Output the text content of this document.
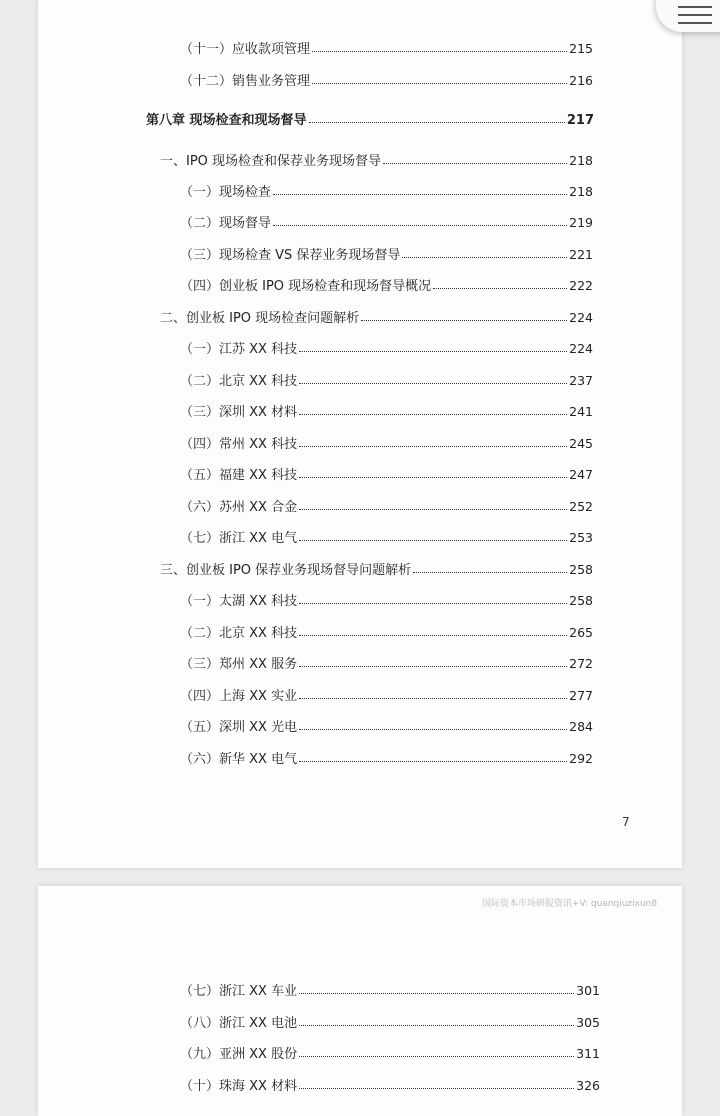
（十一）应收款项管理	215
（十二）销售业务管理	216
第八章 现场检查和现场督导	217
一、IPO 现场检查和保荐业务现场督导	218
（一）现场检查	218
（二）现场督导	219
（三）现场检查 VS 保荐业务现场督导	221
（四）创业板 IPO 现场检查和现场督导概况	222
二、创业板 IPO 现场检查问题解析	224
（一）江苏 XX 科技	224
（二）北京 XX 科技	237
（三）深圳 XX 材料	241
（四）常州 XX 科技	245
（五）福建 XX 科技	247
（六）苏州 XX 合金	252
（七）浙江 XX 电气	253
三、创业板 IPO 保荐业务现场督导问题解析	258
（一）太湖 XX 科技	258
（二）北京 XX 科技	265
（三）郑州 XX 服务	272
（四）上海 XX 实业	277
（五）深圳 XX 光电	284
（六）新华 XX 电气	292
7
（七）浙江 XX 车业	301
（八）浙江 XX 电池	305
（九）亚洲 XX 股份	311
（十）珠海 XX 材料	326
国际资本市场研报资讯+V: quanqiuzixun8
